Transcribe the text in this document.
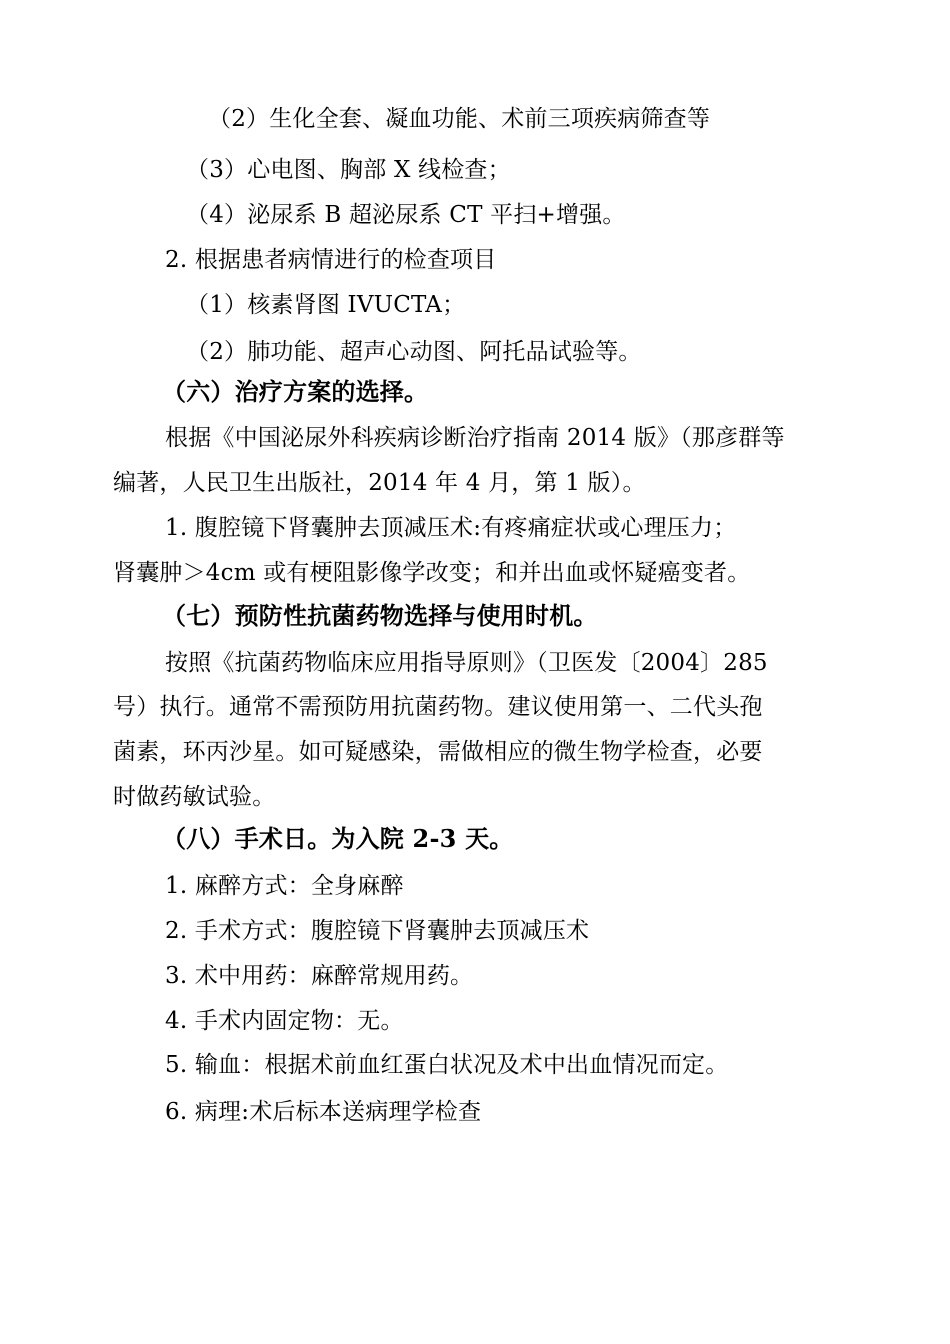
（2）生化全套、凝血功能、术前三项疾病筛查等
（3）心电图、胸部 X 线检查；
（4）泌尿系 B 超泌尿系 CT 平扫+增强。
2. 根据患者病情进行的检查项目
（1）核素肾图 IVUCTA；
（2）肺功能、超声心动图、阿托品试验等。
（六）治疗方案的选择。
根据《中国泌尿外科疾病诊断治疗指南 2014 版》（那彦群等
编著，人民卫生出版社，2014 年 4 月，第 1 版）。
1. 腹腔镜下肾囊肿去顶减压术:有疼痛症状或心理压力；
肾囊肿＞4cm 或有梗阻影像学改变；和并出血或怀疑癌变者。
（七）预防性抗菌药物选择与使用时机。
按照《抗菌药物临床应用指导原则》（卫医发〔2004〕285
号）执行。通常不需预防用抗菌药物。建议使用第一、二代头孢
菌素，环丙沙星。如可疑感染，需做相应的微生物学检查，必要
时做药敏试验。
（八）手术日。为入院 2-3 天。
1. 麻醉方式：全身麻醉
2. 手术方式：腹腔镜下肾囊肿去顶减压术
3. 术中用药：麻醉常规用药。
4. 手术内固定物：无。
5. 输血：根据术前血红蛋白状况及术中出血情况而定。
6. 病理:术后标本送病理学检查
